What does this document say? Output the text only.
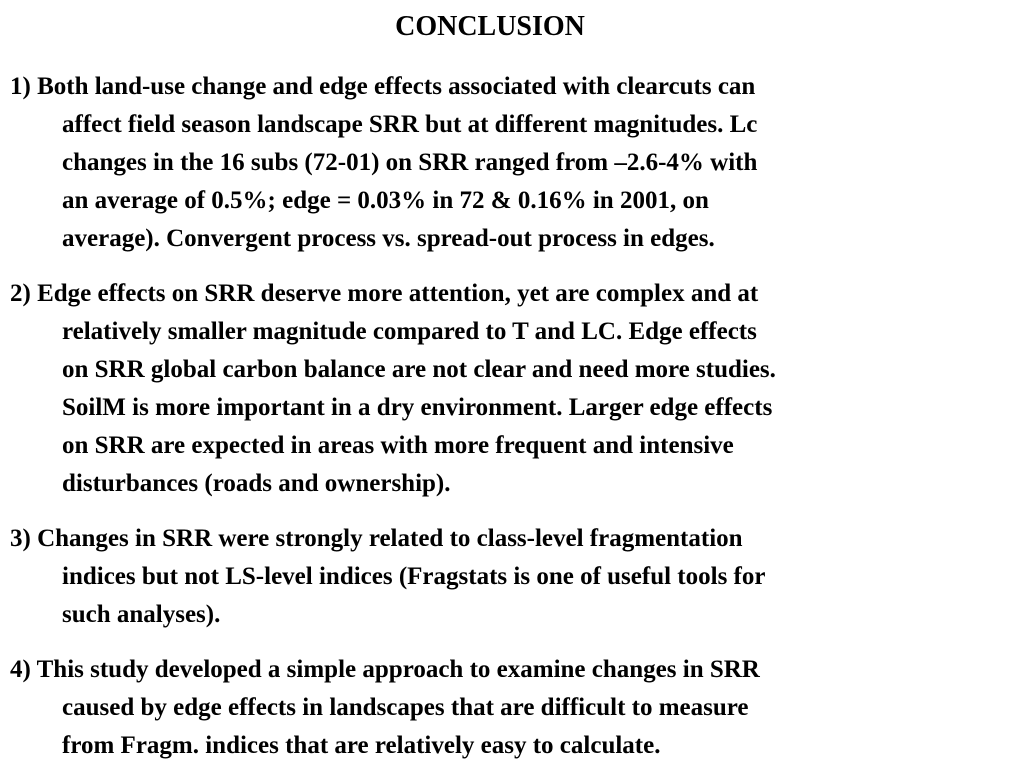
CONCLUSION
1) Both land-use change and edge effects associated with clearcuts can
affect field season landscape SRR but at different magnitudes. Lc
changes in the 16 subs (72-01) on SRR ranged from –2.6-4% with
an average of 0.5%; edge = 0.03% in 72 & 0.16% in 2001, on
average). Convergent process vs. spread-out process in edges.
2) Edge effects on SRR deserve more attention, yet are complex and at
relatively smaller magnitude compared to T and LC. Edge effects
on SRR global carbon balance are not clear and need more studies.
SoilM is more important in a dry environment. Larger edge effects
on SRR are expected in areas with more frequent and intensive
disturbances (roads and ownership).
3) Changes in SRR were strongly related to class-level fragmentation
indices but not LS-level indices (Fragstats is one of useful tools for
such analyses).
4) This study developed a simple approach to examine changes in SRR
caused by edge effects in landscapes that are difficult to measure
from Fragm. indices that are relatively easy to calculate.
